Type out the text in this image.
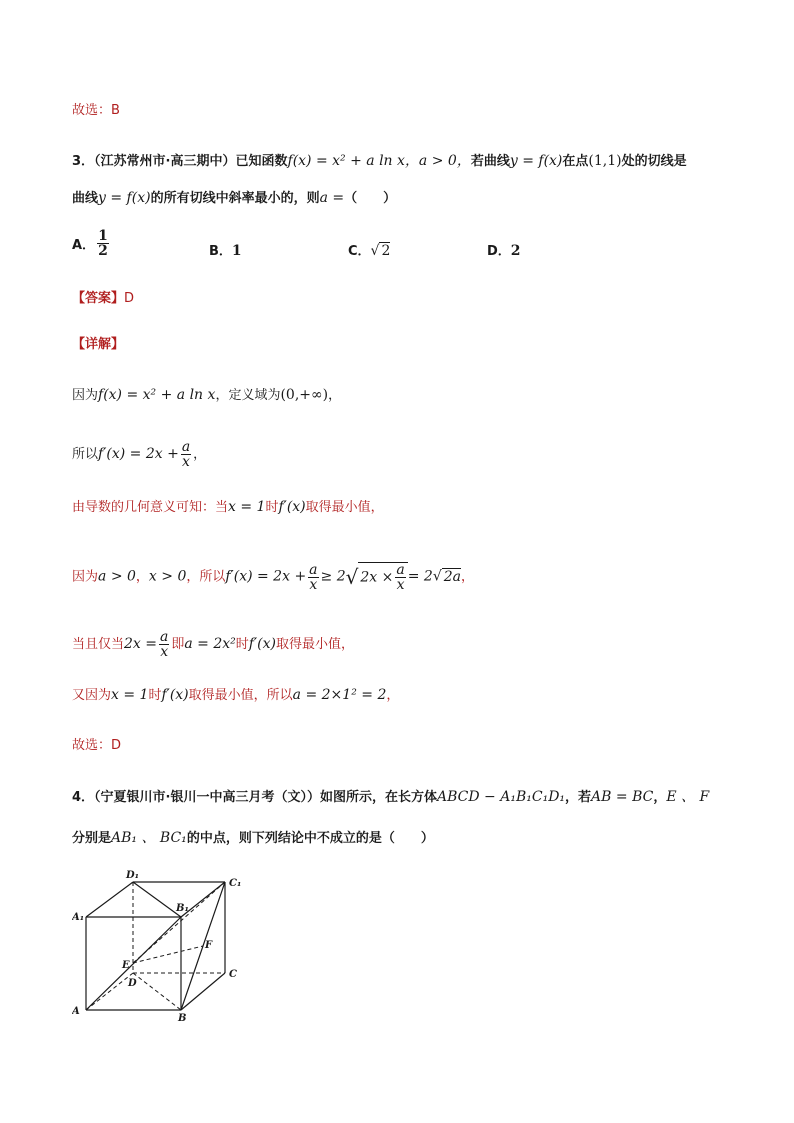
故选：B
3．（江苏常州市·高三期中）已知函数f(x) = x² + a ln x，a > 0，若曲线y = f(x)在点(1,1)处的切线是
曲线y = f(x)的所有切线中斜率最小的，则a =（　　）
A． $\frac{1}{2}$	B．1	C．√ 2	D．2
【答案】D
【详解】
因为f(x) = x² + a ln x，定义域为(0,+∞)，
所以$f'(x) = 2x + \frac{a}{x}$ ，
由导数的几何意义可知：当x = 1时f′(x)取得最小值，
因为a > 0，x > 0，所以$f'(x) = 2x + \frac{a}{x} \ge 2√$ $2x \times \frac{a}{x} = 2√$ 2a，
当且仅当$2x = \frac{a}{x}$ 即a = 2x²时f′(x)取得最小值，
又因为x = 1时f′(x)取得最小值，所以a = 2×1² = 2，
故选：D
4．（宁夏银川市·银川一中高三月考（文））如图所示，在长方体ABCD − A₁B₁C₁D₁，若AB = BC，E 、 F
分别是AB₁ 、 BC₁的中点，则下列结论中不成立的是（　　）
A
B
C
D
A₁
B₁
C₁
D₁
E
F
